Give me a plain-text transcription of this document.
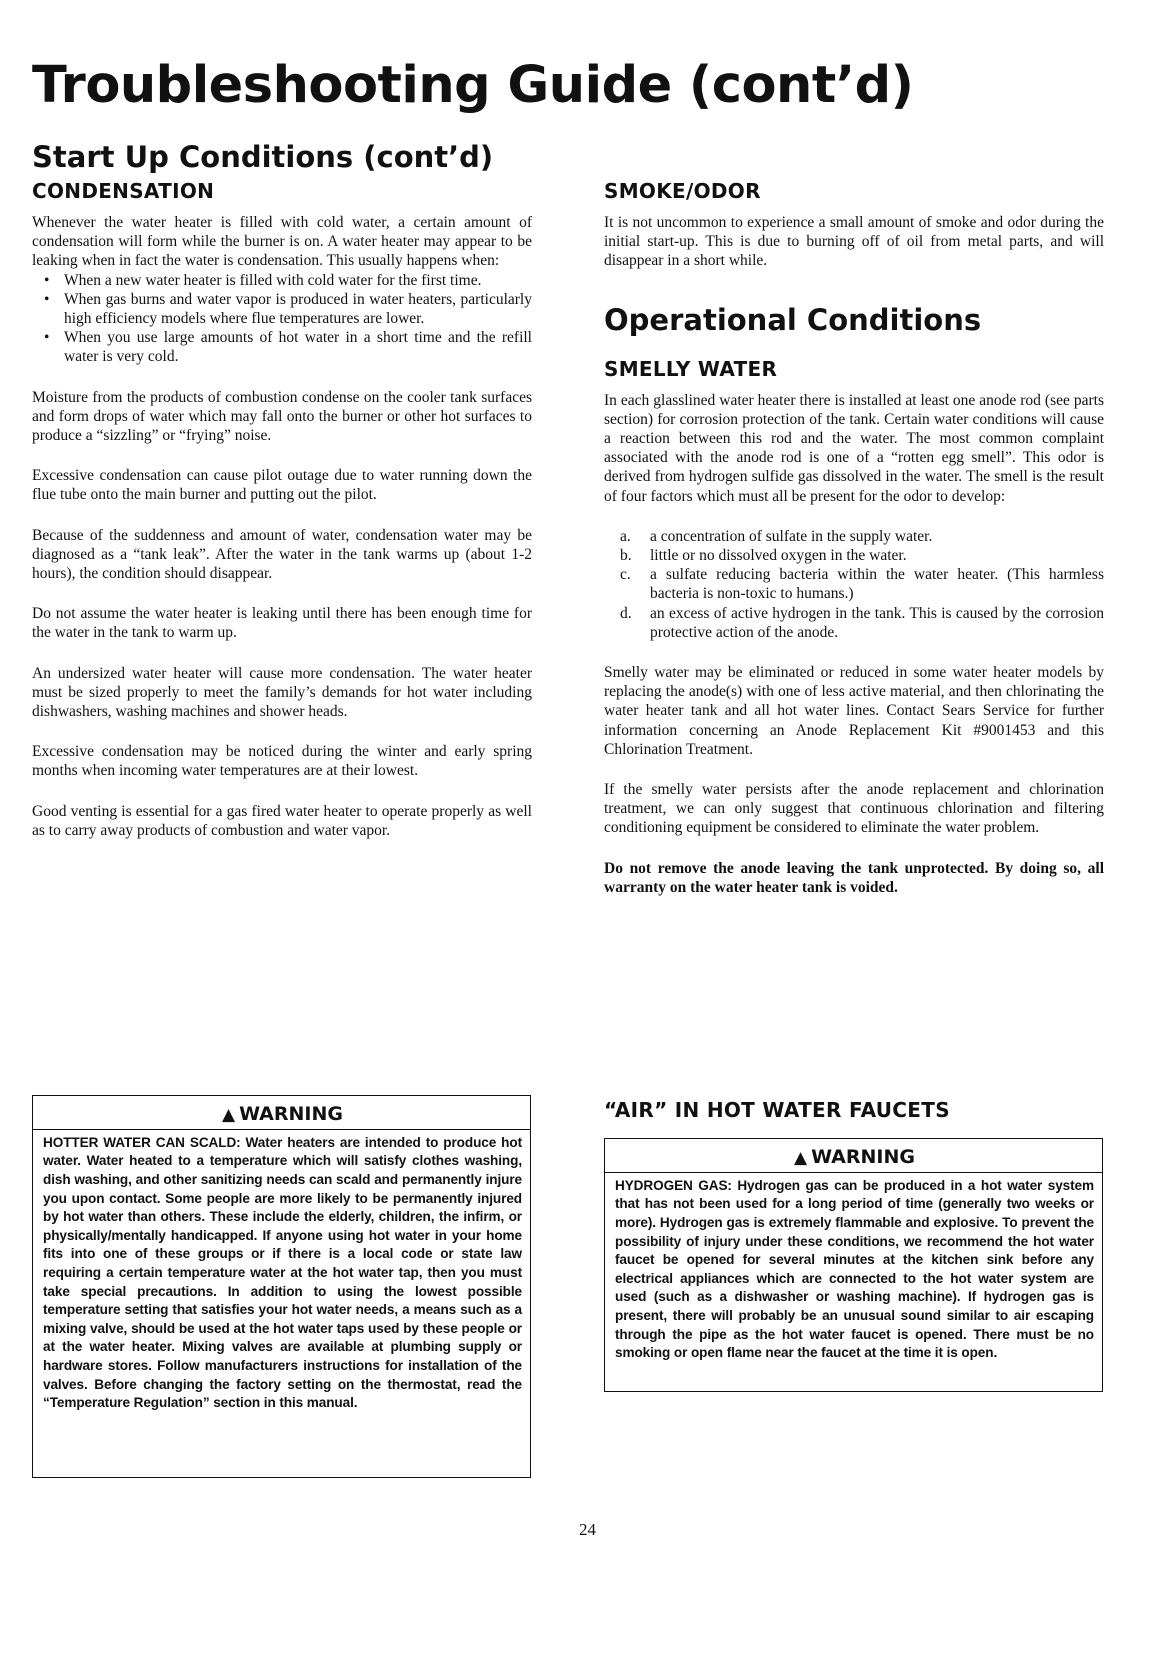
Troubleshooting Guide (cont’d)
Start Up Conditions (cont’d)
CONDENSATION

Whenever the water heater is filled with cold water, a certain amount of condensation will form while the burner is on. A water heater may appear to be leaking when in fact the water is condensation. This usually happens when:

• When a new water heater is filled with cold water for the first time.
• When gas burns and water vapor is produced in water heaters, particularly high efficiency models where flue temperatures are lower.
• When you use large amounts of hot water in a short time and the refill water is very cold.

Moisture from the products of combustion condense on the cooler tank surfaces and form drops of water which may fall onto the burner or other hot surfaces to produce a “sizzling” or “frying” noise.

Excessive condensation can cause pilot outage due to water running down the flue tube onto the main burner and putting out the pilot.

Because of the suddenness and amount of water, condensation water may be diagnosed as a “tank leak”. After the water in the tank warms up (about 1-2 hours), the condition should disappear.

Do not assume the water heater is leaking until there has been enough time for the water in the tank to warm up.

An undersized water heater will cause more condensation. The water heater must be sized properly to meet the family’s demands for hot water including dishwashers, washing machines and shower heads.

Excessive condensation may be noticed during the winter and early spring months when incoming water temperatures are at their lowest.

Good venting is essential for a gas fired water heater to operate properly as well as to carry away products of combustion and water vapor.

▲ WARNING

HOTTER WATER CAN SCALD: Water heaters are intended to produce hot water. Water heated to a temperature which will satisfy clothes washing, dish washing, and other sanitizing needs can scald and permanently injure you upon contact. Some people are more likely to be permanently injured by hot water than others. These include the elderly, children, the infirm, or physically/mentally handicapped. If anyone using hot water in your home fits into one of these groups or if there is a local code or state law requiring a certain temperature water at the hot water tap, then you must take special precautions. In addition to using the lowest possible temperature setting that satisfies your hot water needs, a means such as a mixing valve, should be used at the hot water taps used by these people or at the water heater. Mixing valves are available at plumbing supply or hardware stores. Follow manufacturers instructions for installation of the valves. Before changing the factory setting on the thermostat, read the “Temperature Regulation” section in this manual.

SMOKE/ODOR

It is not uncommon to experience a small amount of smoke and odor during the initial start-up. This is due to burning off of oil from metal parts, and will disappear in a short while.

Operational Conditions
SMELLY WATER

In each glasslined water heater there is installed at least one anode rod (see parts section) for corrosion protection of the tank. Certain water conditions will cause a reaction between this rod and the water. The most common complaint associated with the anode rod is one of a “rotten egg smell”. This odor is derived from hydrogen sulfide gas dissolved in the water. The smell is the result of four factors which must all be present for the odor to develop:

a. a concentration of sulfate in the supply water.
b. little or no dissolved oxygen in the water.
c. a sulfate reducing bacteria within the water heater. (This harmless bacteria is non-toxic to humans.)
d. an excess of active hydrogen in the tank. This is caused by the corrosion protective action of the anode.

Smelly water may be eliminated or reduced in some water heater models by replacing the anode(s) with one of less active material, and then chlorinating the water heater tank and all hot water lines. Contact Sears Service for further information concerning an Anode Replacement Kit #9001453 and this Chlorination Treatment.

If the smelly water persists after the anode replacement and chlorination treatment, we can only suggest that continuous chlorination and filtering conditioning equipment be considered to eliminate the water problem.

Do not remove the anode leaving the tank unprotected. By doing so, all warranty on the water heater tank is voided.

“AIR” IN HOT WATER FAUCETS
▲ WARNING

HYDROGEN GAS: Hydrogen gas can be produced in a hot water system that has not been used for a long period of time (generally two weeks or more). Hydrogen gas is extremely flammable and explosive. To prevent the possibility of injury under these conditions, we recommend the hot water faucet be opened for several minutes at the kitchen sink before any electrical appliances which are connected to the hot water system are used (such as a dishwasher or washing machine). If hydrogen gas is present, there will probably be an unusual sound similar to air escaping through the pipe as the hot water faucet is opened. There must be no smoking or open flame near the faucet at the time it is open.

24
